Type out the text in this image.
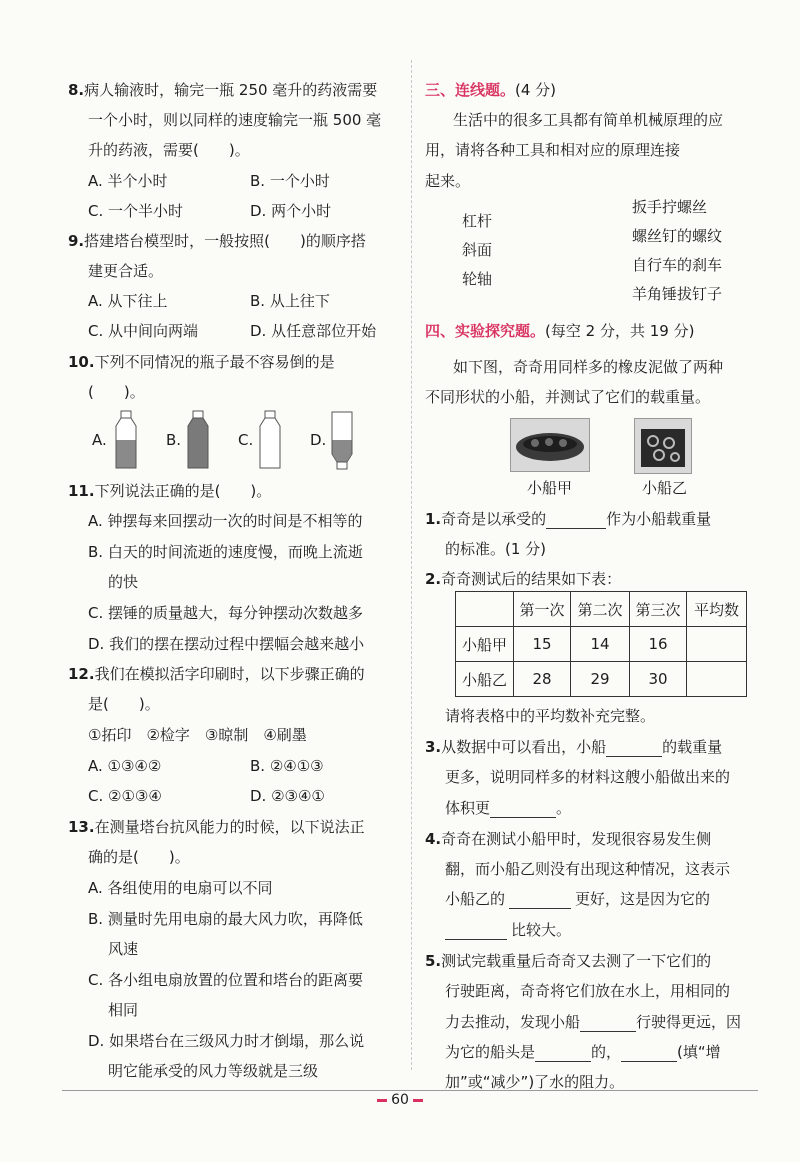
8.病人输液时，输完一瓶 250 毫升的药液需要
一个小时，则以同样的速度输完一瓶 500 毫
升的药液，需要(　　)。
A. 半个小时	B. 一个小时
C. 一个半小时	D. 两个小时
9.搭建塔台模型时，一般按照(　　)的顺序搭
建更合适。
A. 从下往上	B. 从上往下
C. 从中间向两端	D. 从任意部位开始
10.下列不同情况的瓶子最不容易倒的是
(　　)。
A.	B.	C.	D.
11.下列说法正确的是(　　)。
A. 钟摆每来回摆动一次的时间是不相等的
B. 白天的时间流逝的速度慢，而晚上流逝
的快
C. 摆锤的质量越大，每分钟摆动次数越多
D. 我们的摆在摆动过程中摆幅会越来越小
12.我们在模拟活字印刷时，以下步骤正确的
是(　　)。
①拓印　②检字　③晾制　④刷墨
A. ①③④②	B. ②④①③
C. ②①③④	D. ②③④①
13.在测量塔台抗风能力的时候，以下说法正
确的是(　　)。
A. 各组使用的电扇可以不同
B. 测量时先用电扇的最大风力吹，再降低
风速
C. 各小组电扇放置的位置和塔台的距离要
相同
D. 如果塔台在三级风力时才倒塌，那么说
明它能承受的风力等级就是三级
三、连线题。(4 分)
生活中的很多工具都有简单机械原理的应
用，请将各种工具和相对应的原理连接
起来。
杠杆
斜面
轮轴
扳手拧螺丝
螺丝钉的螺纹
自行车的刹车
羊角锤拔钉子
四、实验探究题。(每空 2 分，共 19 分)
如下图，奇奇用同样多的橡皮泥做了两种
不同形状的小船，并测试了它们的载重量。
小船甲	小船乙
1.奇奇是以承受的	作为小船载重量
的标准。(1 分)
2.奇奇测试后的结果如下表：
	第一次	第二次	第三次	平均数
小船甲	15	14	16	
小船乙	28	29	30	
请将表格中的平均数补充完整。
3.从数据中可以看出，小船	的载重量
更多，说明同样多的材料这艘小船做出来的
体积更	。
4.奇奇在测试小船甲时，发现很容易发生侧
翻，而小船乙则没有出现这种情况，这表示
小船乙的	更好，这是因为它的
比较大。
5.测试完载重量后奇奇又去测了一下它们的
行驶距离，奇奇将它们放在水上，用相同的
力去推动，发现小船	行驶得更远，因
为它的船头是	的，	(填“增
加”或“减少”)了水的阻力。
60
